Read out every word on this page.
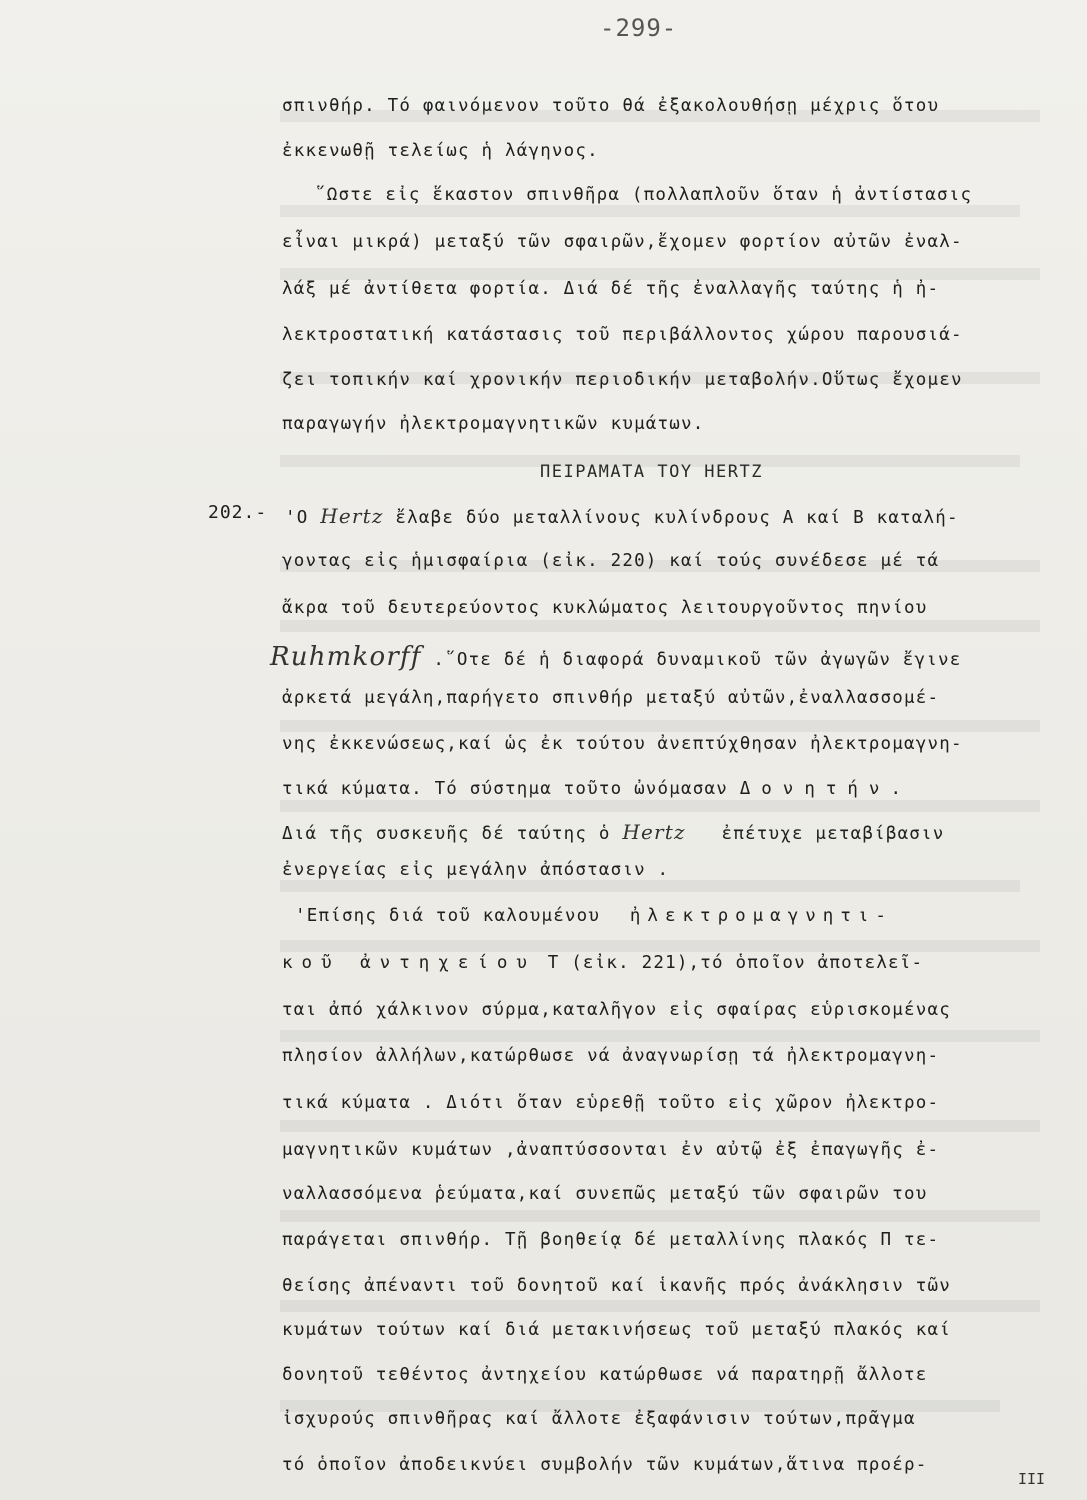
-299-
σπινθήρ. Τό φαινόμενον τοῦτο θά ἐξακολουθήσῃ μέχρις ὅτου
ἐκκενωθῇ τελείως ἡ λάγηνος.
῞Ωστε εἰς ἕκαστον σπινθῆρα (πολλαπλοῦν ὅταν ἡ ἀντίστασις
εἶναι μικρά) μεταξύ τῶν σφαιρῶν,ἔχομεν φορτίον αὐτῶν ἐναλ-
λάξ μέ ἀντίθετα φορτία. Διά δέ τῆς ἐναλλαγῆς ταύτης ἡ ἠ-
λεκτροστατική κατάστασις τοῦ περιβάλλοντος χώρου παρουσιά-
ζει τοπικήν καί χρονικήν περιοδικήν μεταβολήν.Οὕτως ἔχομεν
παραγωγήν ἠλεκτρομαγνητικῶν κυμάτων.
ΠΕΙΡΑΜΑΤΑ ΤΟΥ HERTZ
202.- 'Ο Hertz ἔλαβε δύο μεταλλίνους κυλίνδρους Α καί Β καταλή-
γοντας εἰς ἡμισφαίρια (εἰκ. 220) καί τούς συνέδεσε μέ τά
ἄκρα τοῦ δευτερεύοντος κυκλώματος λειτουργοῦντος πηνίου
Ruhmkorff .῞Οτε δέ ἡ διαφορά δυναμικοῦ τῶν ἀγωγῶν ἔγινε
ἀρκετά μεγάλη,παρήγετο σπινθήρ μεταξύ αὐτῶν,ἐναλλασσομέ-
νης ἐκκενώσεως,καί ὡς ἐκ τούτου ἀνεπτύχθησαν ἠλεκτρομαγνη-
τικά κύματα. Τό σύστημα τοῦτο ὠνόμασαν Δονητήν.
Διά τῆς συσκευῆς δέ ταύτης ὁ Hertz ἐπέτυχε μεταβίβασιν
ἐνεργείας εἰς μεγάλην ἀπόστασιν .
'Επίσης διά τοῦ καλουμένου ἠλεκτρομαγνητι-
κοῦ ἀντηχείου Τ (εἰκ. 221),τό ὁποῖον ἀποτελεῖ-
ται ἀπό χάλκινον σύρμα,καταλῆγον εἰς σφαίρας εὑρισκομένας
πλησίον ἀλλήλων,κατώρθωσε νά ἀναγνωρίσῃ τά ἠλεκτρομαγνη-
τικά κύματα . Διότι ὅταν εὑρεθῇ τοῦτο εἰς χῶρον ἠλεκτρο-
μαγνητικῶν κυμάτων ,ἀναπτύσσονται ἐν αὐτῷ ἐξ ἐπαγωγῆς ἐ-
ναλλασσόμενα ῥεύματα,καί συνεπῶς μεταξύ τῶν σφαιρῶν του
παράγεται σπινθήρ. Τῇ βοηθείᾳ δέ μεταλλίνης πλακός Π τε-
θείσης ἀπέναντι τοῦ δονητοῦ καί ἱκανῆς πρός ἀνάκλησιν τῶν
κυμάτων τούτων καί διά μετακινήσεως τοῦ μεταξύ πλακός καί
δονητοῦ τεθέντος ἀντηχείου κατώρθωσε νά παρατηρῇ ἄλλοτε
ἰσχυρούς σπινθῆρας καί ἄλλοτε ἐξαφάνισιν τούτων,πρᾶγμα
τό ὁποῖον ἀποδεικνύει συμβολήν τῶν κυμάτων,ἅτινα προέρ-
ΙΙΙ
